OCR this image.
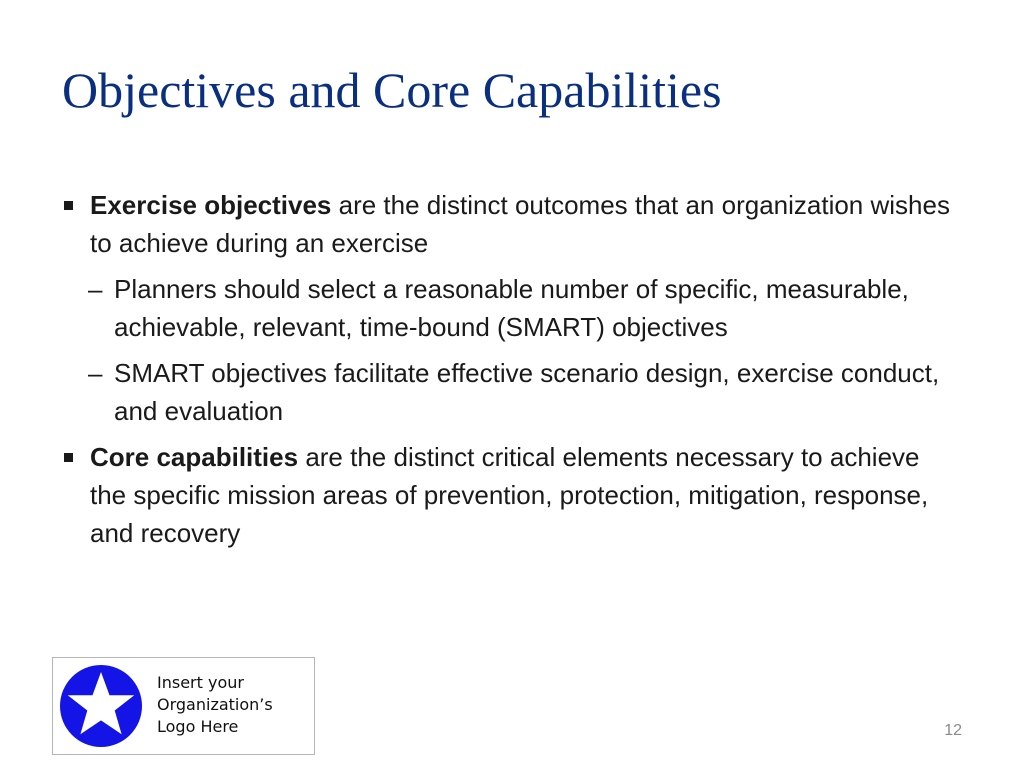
Objectives and Core Capabilities

Exercise objectives are the distinct outcomes that an organization wishes to achieve during an exercise

– Planners should select a reasonable number of specific, measurable, achievable, relevant, time-bound (SMART) objectives

– SMART objectives facilitate effective scenario design, exercise conduct, and evaluation

Core capabilities are the distinct critical elements necessary to achieve the specific mission areas of prevention, protection, mitigation, response, and recovery

Insert your
Organization’s
Logo Here	12
